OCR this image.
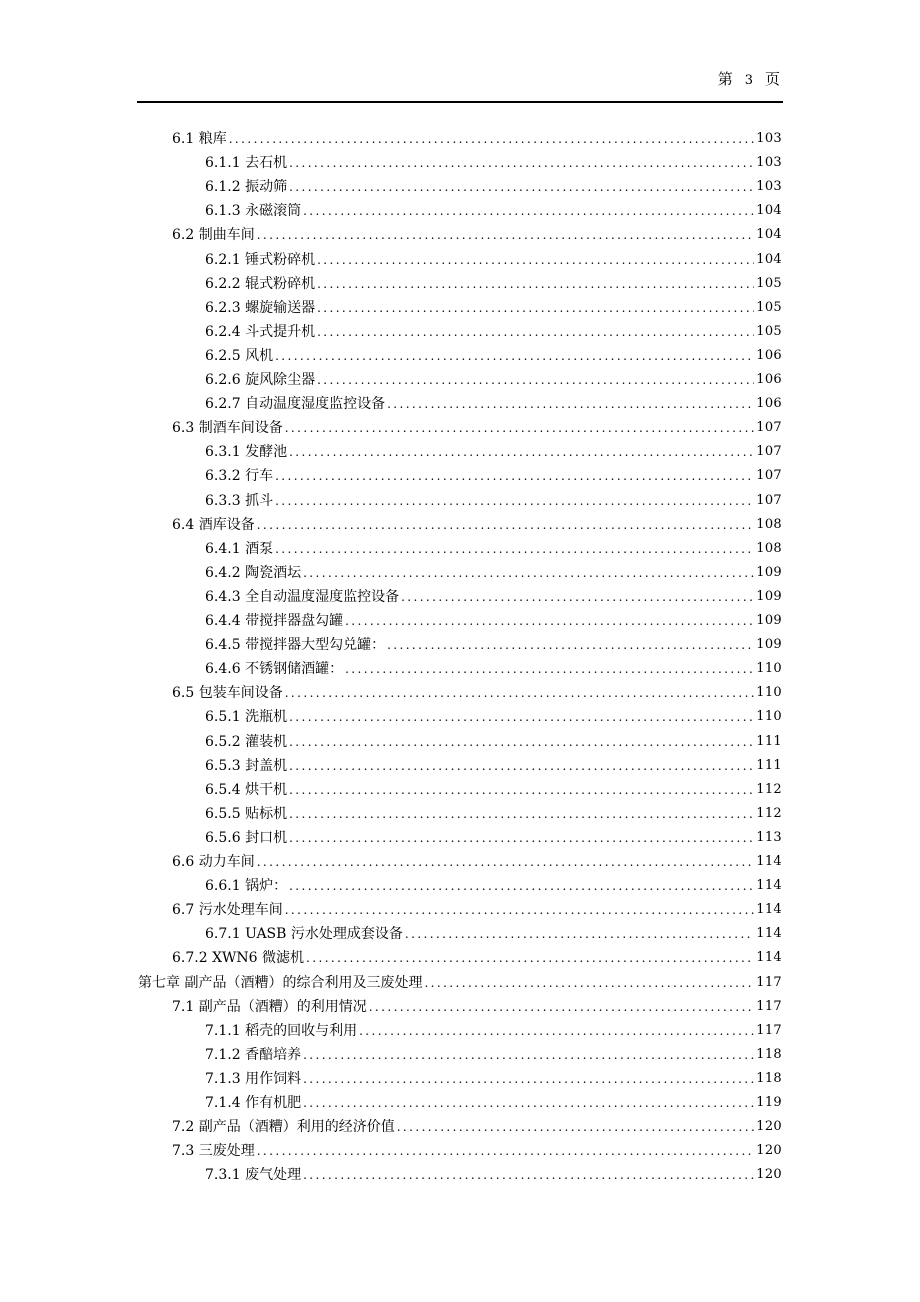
第 3 页
6.1 粮库 .....	103
6.1.1 去石机 .....	103
6.1.2 振动筛 .....	103
6.1.3 永磁滚筒 .....	104
6.2 制曲车间 .....	104
6.2.1 锤式粉碎机 .....	104
6.2.2 辊式粉碎机 .....	105
6.2.3 螺旋输送器 .....	105
6.2.4 斗式提升机 .....	105
6.2.5 风机 .....	106
6.2.6 旋风除尘器 .....	106
6.2.7 自动温度湿度监控设备 .....	106
6.3 制酒车间设备 .....	107
6.3.1 发酵池 .....	107
6.3.2 行车 .....	107
6.3.3 抓斗 .....	107
6.4 酒库设备 .....	108
6.4.1 酒泵 .....	108
6.4.2 陶瓷酒坛 .....	109
6.4.3 全自动温度湿度监控设备 .....	109
6.4.4 带搅拌器盘勾罐 .....	109
6.4.5 带搅拌器大型勾兑罐： .....	109
6.4.6 不锈钢储酒罐： .....	110
6.5 包装车间设备 .....	110
6.5.1 洗瓶机 .....	110
6.5.2 灌装机 .....	111
6.5.3 封盖机 .....	111
6.5.4 烘干机 .....	112
6.5.5 贴标机 .....	112
6.5.6 封口机 .....	113
6.6 动力车间 .....	114
6.6.1 锅炉： .....	114
6.7 污水处理车间 .....	114
6.7.1 UASB 污水处理成套设备 .....	114
6.7.2 XWN6 微滤机 .....	114
第七章 副产品（酒糟）的综合利用及三废处理 .....	117
7.1 副产品（酒糟）的利用情况 .....	117
7.1.1 稻壳的回收与利用 .....	117
7.1.2 香醅培养 .....	118
7.1.3 用作饲料 .....	118
7.1.4 作有机肥 .....	119
7.2 副产品（酒糟）利用的经济价值 .....	120
7.3 三废处理 .....	120
7.3.1 废气处理 .....	120
